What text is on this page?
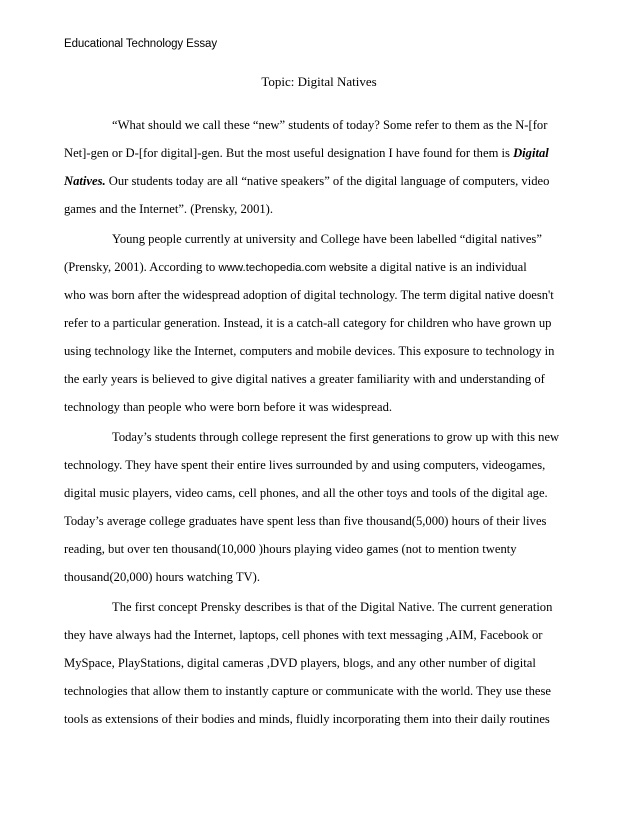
Educational Technology Essay
Topic: Digital Natives
“What should we call these “new” students of today? Some refer to them as the N-[for
Net]-gen or D-[for digital]-gen. But the most useful designation I have found for them is Digital
Natives. Our students today are all “native speakers” of the digital language of computers, video
games and the Internet”. (Prensky, 2001).
Young people currently at university and College have been labelled “digital natives”
(Prensky, 2001). According to www.techopedia.com website a digital native is an individual
who was born after the widespread adoption of digital technology. The term digital native doesn't
refer to a particular generation. Instead, it is a catch-all category for children who have grown up
using technology like the Internet, computers and mobile devices. This exposure to technology in
the early years is believed to give digital natives a greater familiarity with and understanding of
technology than people who were born before it was widespread.
Today’s students through college represent the first generations to grow up with this new
technology. They have spent their entire lives surrounded by and using computers, videogames,
digital music players, video cams, cell phones, and all the other toys and tools of the digital age.
Today’s average college graduates have spent less than five thousand(5,000) hours of their lives
reading, but over ten thousand(10,000 )hours playing video games (not to mention twenty
thousand(20,000) hours watching TV).
The first concept Prensky describes is that of the Digital Native. The current generation
they have always had the Internet, laptops, cell phones with text messaging ,AIM, Facebook or
MySpace, PlayStations, digital cameras ,DVD players, blogs, and any other number of digital
technologies that allow them to instantly capture or communicate with the world. They use these
tools as extensions of their bodies and minds, fluidly incorporating them into their daily routines
